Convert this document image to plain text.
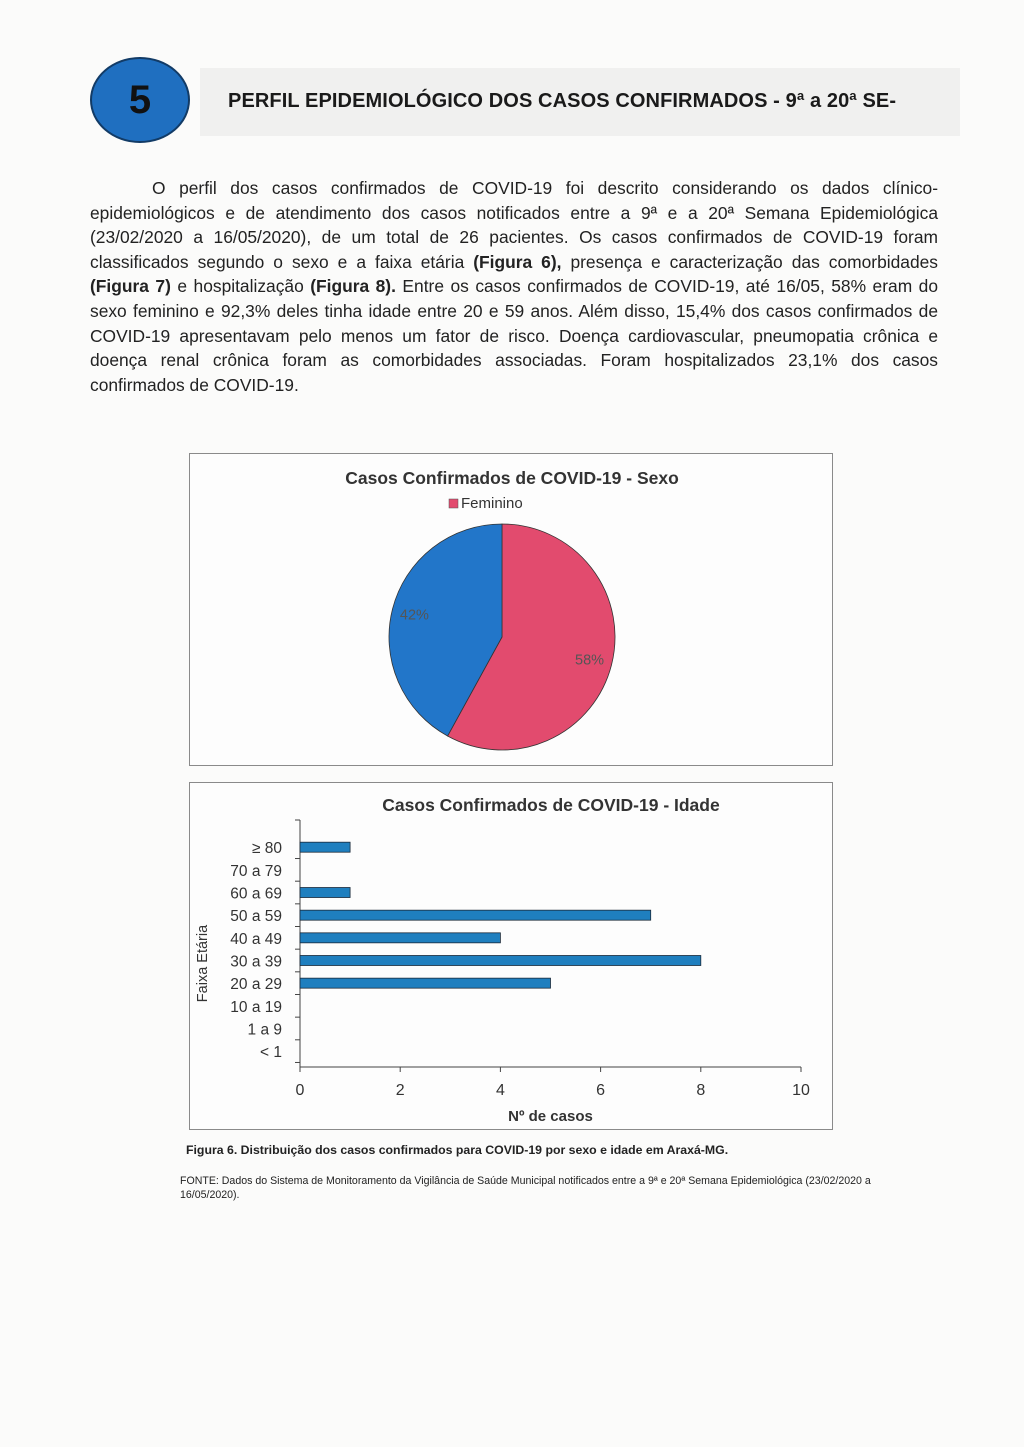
5	PERFIL EPIDEMIOLÓGICO DOS CASOS CONFIRMADOS - 9ª a 20ª SE-

O perfil dos casos confirmados de COVID-19 foi descrito considerando os dados clínico-epidemiológicos e de atendimento dos casos notificados entre a 9ª e a 20ª Semana Epidemiológica (23/02/2020 a 16/05/2020), de um total de 26 pacientes. Os casos confirmados de COVID-19 foram classificados segundo o sexo e a faixa etária (Figura 6), presença e caracterização das comorbidades (Figura 7) e hospitalização (Figura 8). Entre os casos confirmados de COVID-19, até 16/05, 58% eram do sexo feminino e 92,3% deles tinha idade entre 20 e 59 anos. Além disso, 15,4% dos casos confirmados de COVID-19 apresentavam pelo menos um fator de risco. Doença cardiovascular, pneumopatia crônica e doença renal crônica foram as comorbidades associadas. Foram hospitalizados 23,1% dos casos confirmados de COVID-19.

Casos Confirmados de COVID-19 - Sexo
Feminino
58%
42%
Casos Confirmados de COVID-19 - Idade
≥ 80
70 a 79
60 a 69
50 a 59
40 a 49
30 a 39
20 a 29
10 a 19
1 a 9
< 1
0	2	4	6	8	10
Nº de casos
Faixa Etária
Figura 6. Distribuição dos casos confirmados para COVID-19 por sexo e idade em Araxá-MG.
FONTE: Dados do Sistema de Monitoramento da Vigilância de Saúde Municipal notificados entre a 9ª e 20ª Semana Epidemiológica (23/02/2020 a 16/05/2020).
